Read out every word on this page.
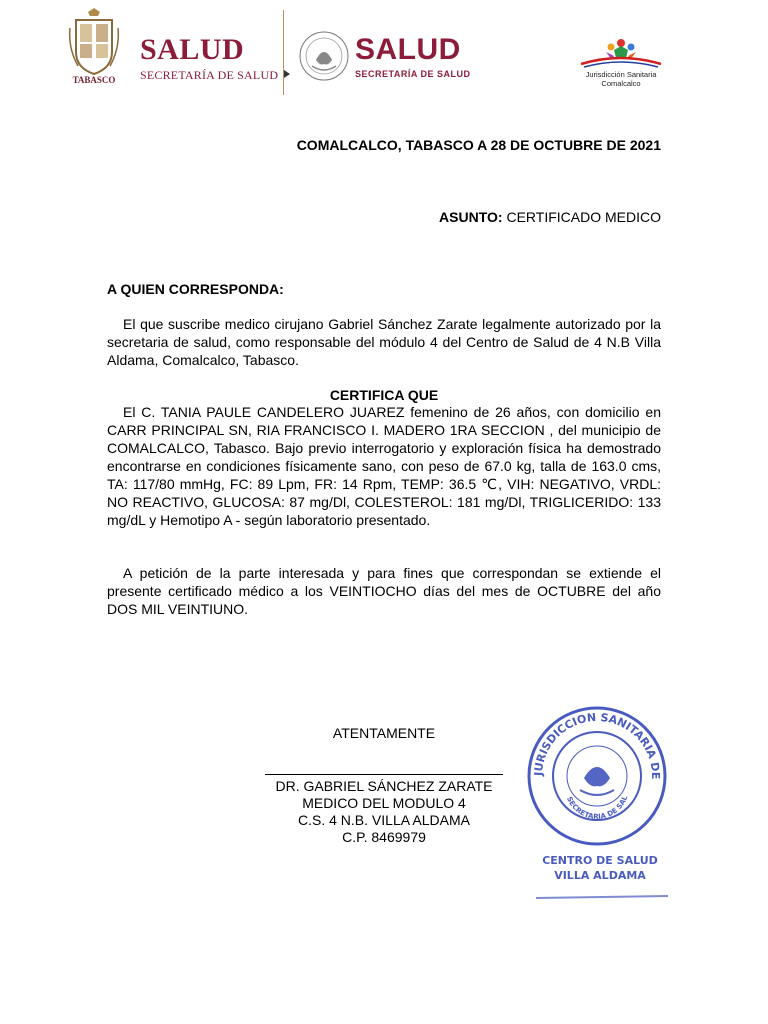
TABASCO
SALUD
SECRETARÍA DE SALUD
SALUD
SECRETARÍA DE SALUD	Jurisdicción Sanitaria
Comalcalco
COMALCALCO, TABASCO A 28 DE OCTUBRE DE 2021
ASUNTO: CERTIFICADO MEDICO
A QUIEN CORRESPONDA:
El que suscribe medico cirujano Gabriel Sánchez Zarate legalmente autorizado por la secretaria de salud, como responsable del módulo 4 del Centro de Salud de 4 N.B Villa Aldama, Comalcalco, Tabasco.
CERTIFICA QUE
El C. TANIA PAULE CANDELERO JUAREZ femenino de 26 años, con domicilio en CARR PRINCIPAL SN, RIA FRANCISCO I. MADERO 1RA SECCION , del municipio de COMALCALCO, Tabasco. Bajo previo interrogatorio y exploración física ha demostrado encontrarse en condiciones físicamente sano, con peso de 67.0 kg, talla de 163.0 cms, TA: 117/80 mmHg, FC: 89 Lpm, FR: 14 Rpm, TEMP: 36.5 ℃, VIH: NEGATIVO, VRDL: NO REACTIVO, GLUCOSA: 87 mg/Dl, COLESTEROL: 181 mg/Dl, TRIGLICERIDO: 133 mg/dL y Hemotipo A - según laboratorio presentado.
A petición de la parte interesada y para fines que correspondan se extiende el presente certificado médico a los VEINTIOCHO días del mes de OCTUBRE del año DOS MIL VEINTIUNO.
ATENTAMENTE
DR. GABRIEL SÁNCHEZ ZARATE
MEDICO DEL MODULO 4
C.S. 4 N.B. VILLA ALDAMA
C.P. 8469979
JURISDICCION SANITARIA DE
SECRETARIA DE SAL
CENTRO DE SALUD
VILLA ALDAMA
